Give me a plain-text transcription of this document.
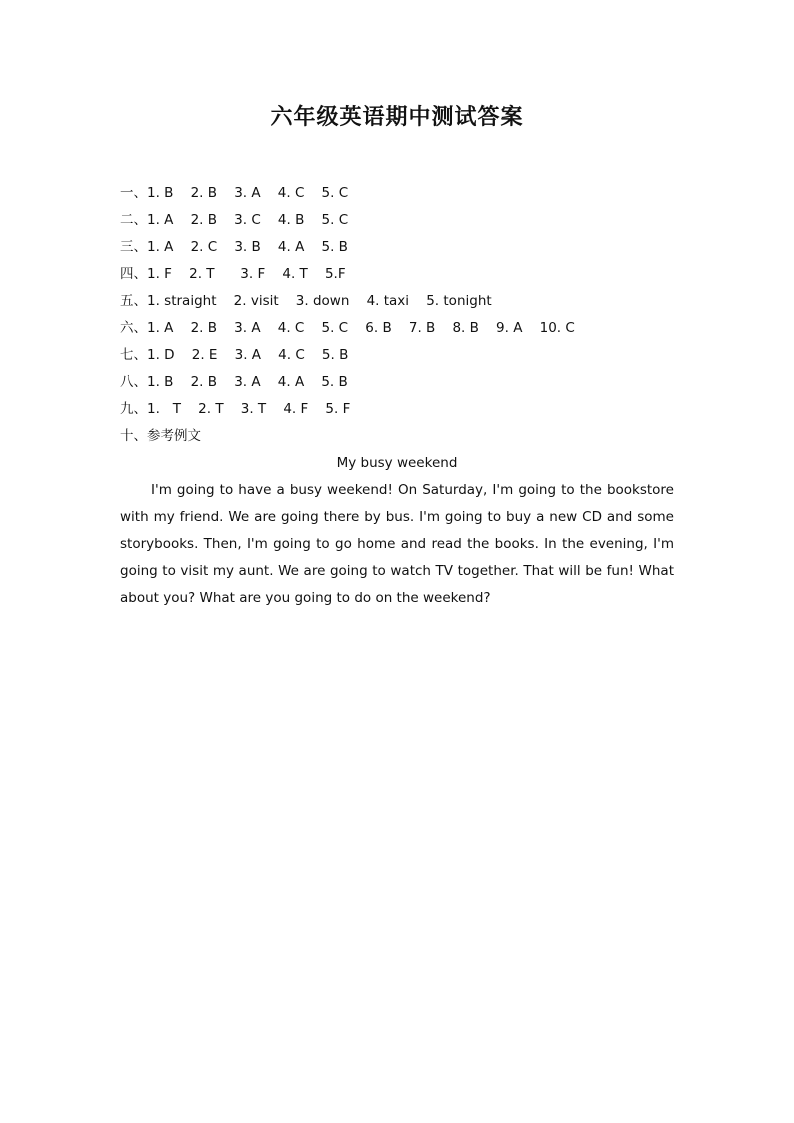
六年级英语期中测试答案
一、1. B    2. B    3. A    4. C    5. C
二、1. A    2. B    3. C    4. B    5. C
三、1. A    2. C    3. B    4. A    5. B
四、1. F    2. T      3. F    4. T    5.F
五、1. straight    2. visit    3. down    4. taxi    5. tonight
六、1. A    2. B    3. A    4. C    5. C    6. B    7. B    8. B    9. A    10. C
七、1. D    2. E    3. A    4. C    5. B
八、1. B    2. B    3. A    4. A    5. B
九、1.   T    2. T    3. T    4. F    5. F
十、参考例文
My busy weekend
I'm going to have a busy weekend! On Saturday, I'm going to the bookstore with my friend. We are going there by bus. I'm going to buy a new CD and some storybooks. Then, I'm going to go home and read the books. In the evening, I'm going to visit my aunt. We are going to watch TV together. That will be fun! What about you? What are you going to do on the weekend?
